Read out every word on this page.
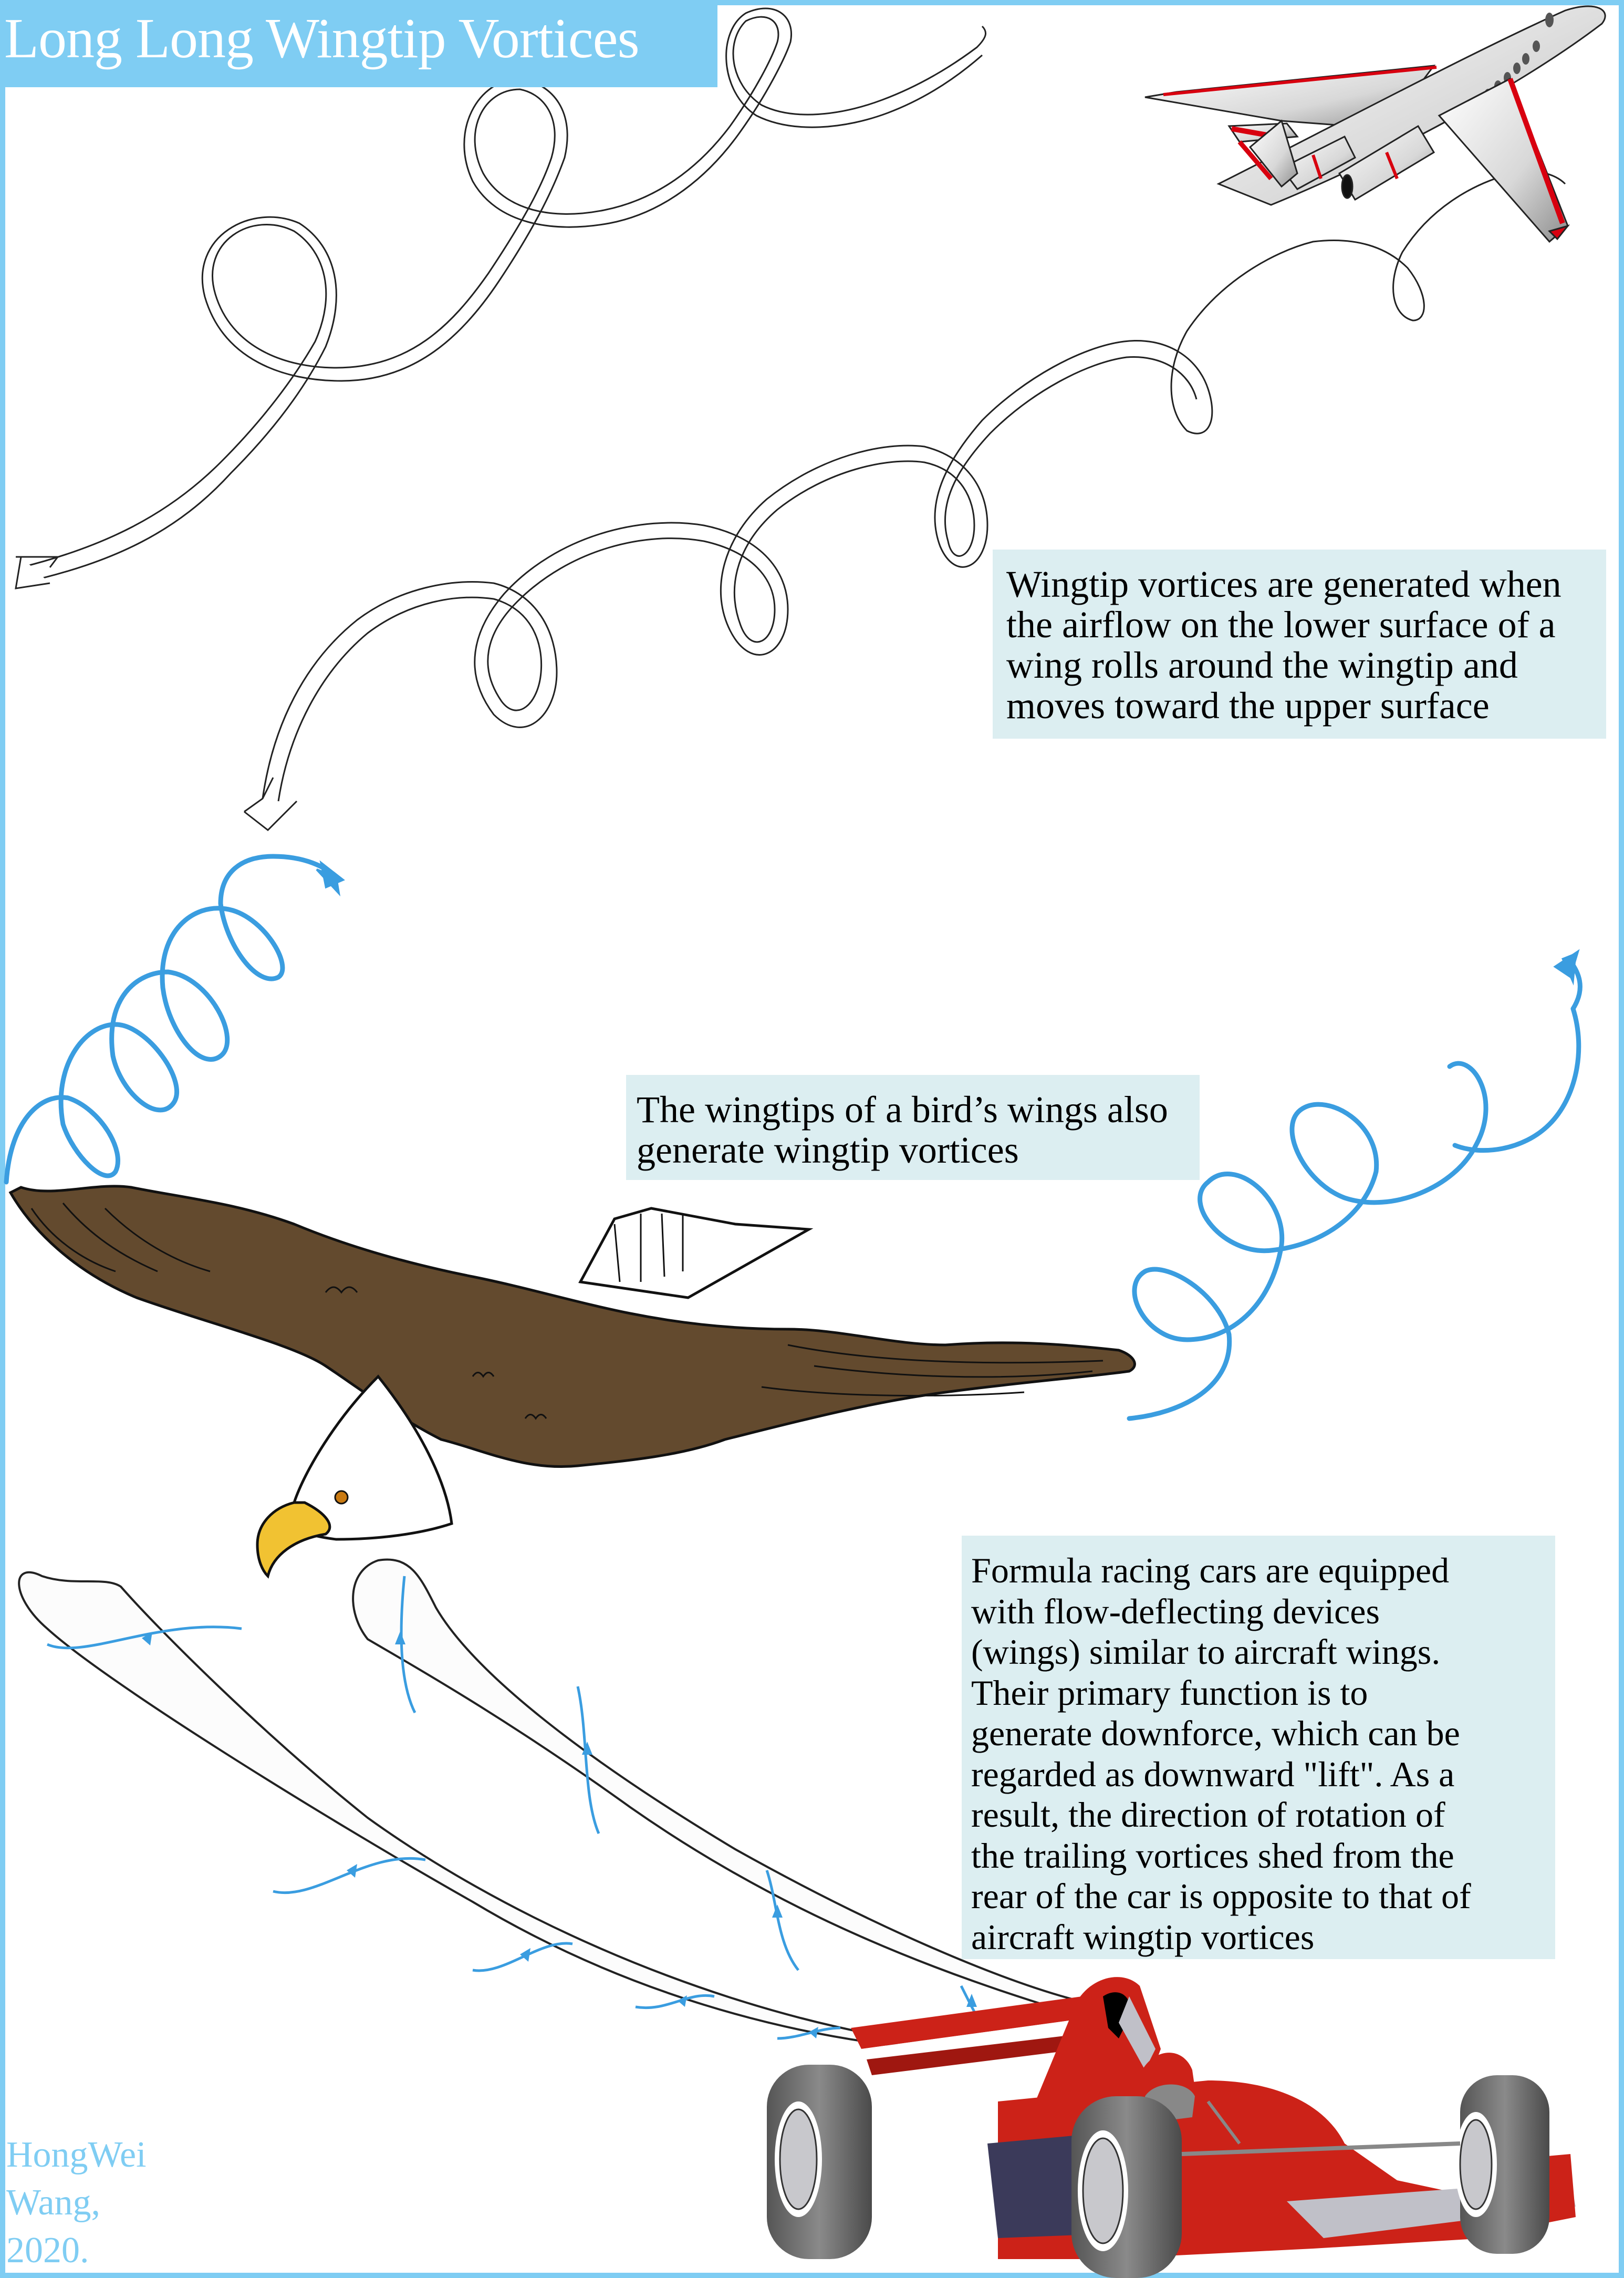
Long Long Wingtip Vortices
Wingtip vortices are generated when
the airflow on the lower surface of a
wing rolls around the wingtip and
moves toward the upper surface
The wingtips of a bird’s wings also
generate wingtip vortices
Formula racing cars are equipped
with flow-deflecting devices
(wings) similar to aircraft wings.
Their primary function is to
generate downforce, which can be
regarded as downward "lift". As a
result, the direction of rotation of
the trailing vortices shed from the
rear of the car is opposite to that of
aircraft wingtip vortices
HongWei
Wang,
2020.
